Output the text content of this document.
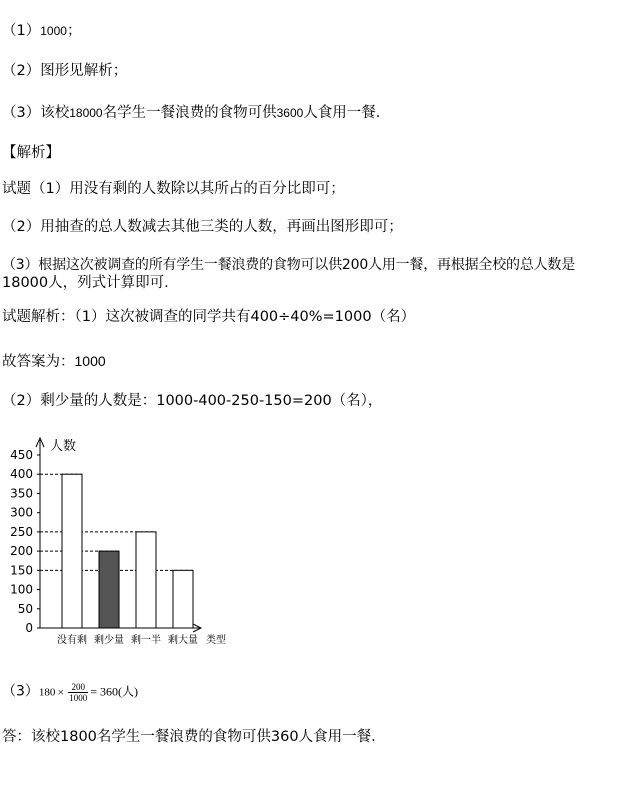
（1）1000；
（2）图形见解析；
（3）该校18000名学生一餐浪费的食物可供3600人食用一餐.
【解析】
试题（1）用没有剩的人数除以其所占的百分比即可；
（2）用抽查的总人数减去其他三类的人数，再画出图形即可；
（3）根据这次被调查的所有学生一餐浪费的食物可以供200人用一餐，再根据全校的总人数是
18000人，列式计算即可.
试题解析：（1）这次被调查的同学共有400÷40%=1000（名）
故答案为：1000
（2）剩少量的人数是：1000-400-250-150=200（名），
0
50
100
150
200
250
300
350
400
450
没有剩 剩少量 剩一半 剩大量
人数
类型
$(3)180 \times \frac{200}{1000} = 360$(人)
答：该校1800名学生一餐浪费的食物可供360人食用一餐.
